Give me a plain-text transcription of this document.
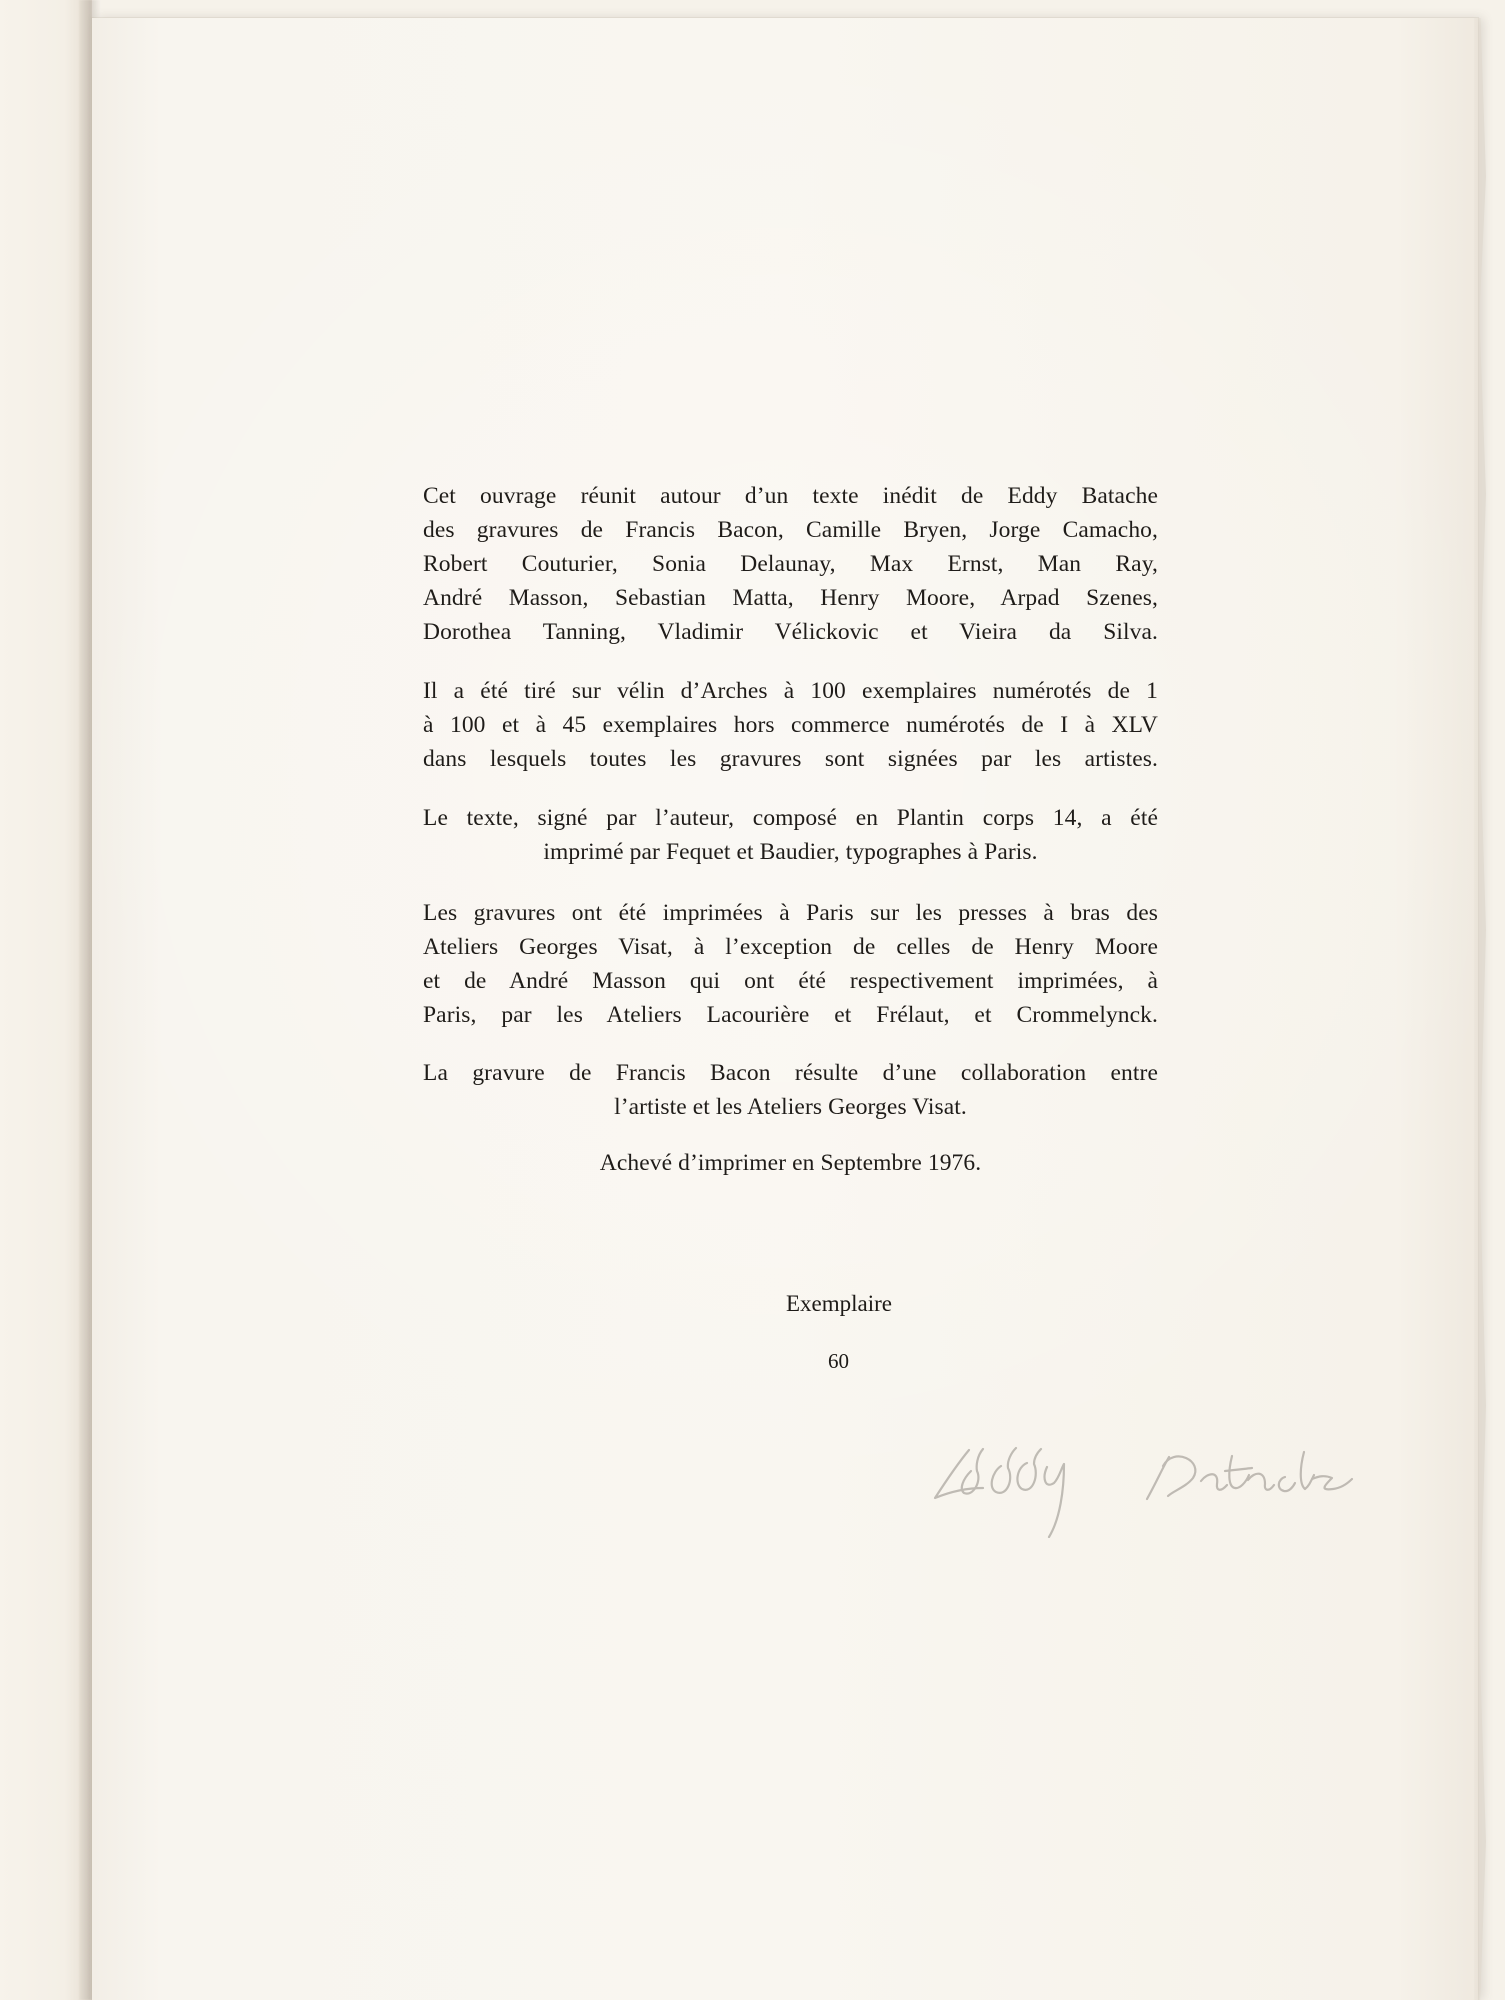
Cet ouvrage réunit autour d’un texte inédit de Eddy Batache
des gravures de Francis Bacon, Camille Bryen, Jorge Camacho,
Robert Couturier, Sonia Delaunay, Max Ernst, Man Ray,
André Masson, Sebastian Matta, Henry Moore, Arpad Szenes,
Dorothea Tanning, Vladimir Vélickovic et Vieira da Silva.

Il a été tiré sur vélin d’Arches à 100 exemplaires numérotés de 1
à 100 et à 45 exemplaires hors commerce numérotés de I à XLV
dans lesquels toutes les gravures sont signées par les artistes.

Le texte, signé par l’auteur, composé en Plantin corps 14, a été
imprimé par Fequet et Baudier, typographes à Paris.

Les gravures ont été imprimées à Paris sur les presses à bras des
Ateliers Georges Visat, à l’exception de celles de Henry Moore
et de André Masson qui ont été respectivement imprimées, à
Paris, par les Ateliers Lacourière et Frélaut, et Crommelynck.

La gravure de Francis Bacon résulte d’une collaboration entre
l’artiste et les Ateliers Georges Visat.

Achevé d’imprimer en Septembre 1976.

Exemplaire
60
